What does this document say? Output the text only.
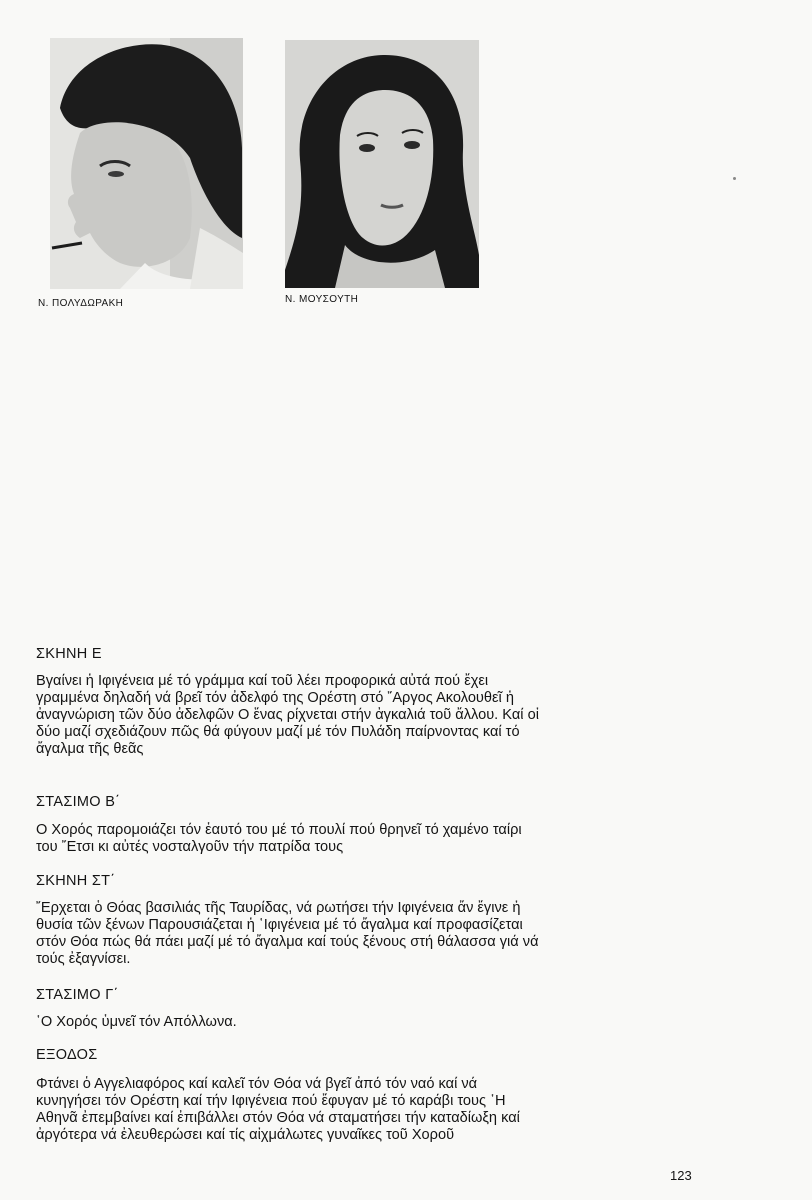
Ν. ΠΟΛΥΔΩΡΑΚΗ	Ν. ΜΟΥΣΟΥΤΗ
ΣΚΗΝΗ Ε
Βγαίνει ἡ Ιφιγένεια μέ τό γράμμα καί τοῦ λέει προφορικά αὐτά πού ἔχει
γραμμένα δηλαδή νά βρεῖ τόν ἀδελφό της Ορέστη στό ῎Αργος Ακολουθεῖ ἡ
ἀναγνώριση τῶν δύο ἀδελφῶν Ο ἕνας ρίχνεται στήν ἀγκαλιά τοῦ ἄλλου. Καί οἱ
δύο μαζί σχεδιάζουν πῶς θά φύγουν μαζί μέ τόν Πυλάδη παίρνοντας καί τό
ἄγαλμα τῆς θεᾶς
ΣΤΑΣΙΜΟ Β΄
Ο Χορός παρομοιάζει τόν ἑαυτό του μέ τό πουλί πού θρηνεῖ τό χαμένο ταίρι
του ῎Ετσι κι αὐτές νοσταλγοῦν τήν πατρίδα τους
ΣΚΗΝΗ ΣΤ΄
῎Ερχεται ὁ Θόας βασιλιάς τῆς Ταυρίδας, νά ρωτήσει τήν Ιφιγένεια ἄν ἔγινε ἡ
θυσία τῶν ξένων Παρουσιάζεται ἡ ῾Ιφιγένεια μέ τό ἄγαλμα καί προφασίζεται
στόν Θόα πώς θά πάει μαζί μέ τό ἄγαλμα καί τούς ξένους στή θάλασσα γιά νά
τούς ἐξαγνίσει.
ΣΤΑΣΙΜΟ Γ΄
῾Ο Χορός ὑμνεῖ τόν Απόλλωνα.
ΕΞΟΔΟΣ
Φτάνει ὁ Αγγελιαφόρος καί καλεῖ τόν Θόα νά βγεῖ ἀπό τόν ναό καί νά
κυνηγήσει τόν Ορέστη καί τήν Ιφιγένεια πού ἔφυγαν μέ τό καράβι τους ῾Η
Αθηνᾶ ἐπεμβαίνει καί ἐπιβάλλει στόν Θόα νά σταματήσει τήν καταδίωξη καί
ἀργότερα νά ἐλευθερώσει καί τίς αἰχμάλωτες γυναῖκες τοῦ Χοροῦ
123
